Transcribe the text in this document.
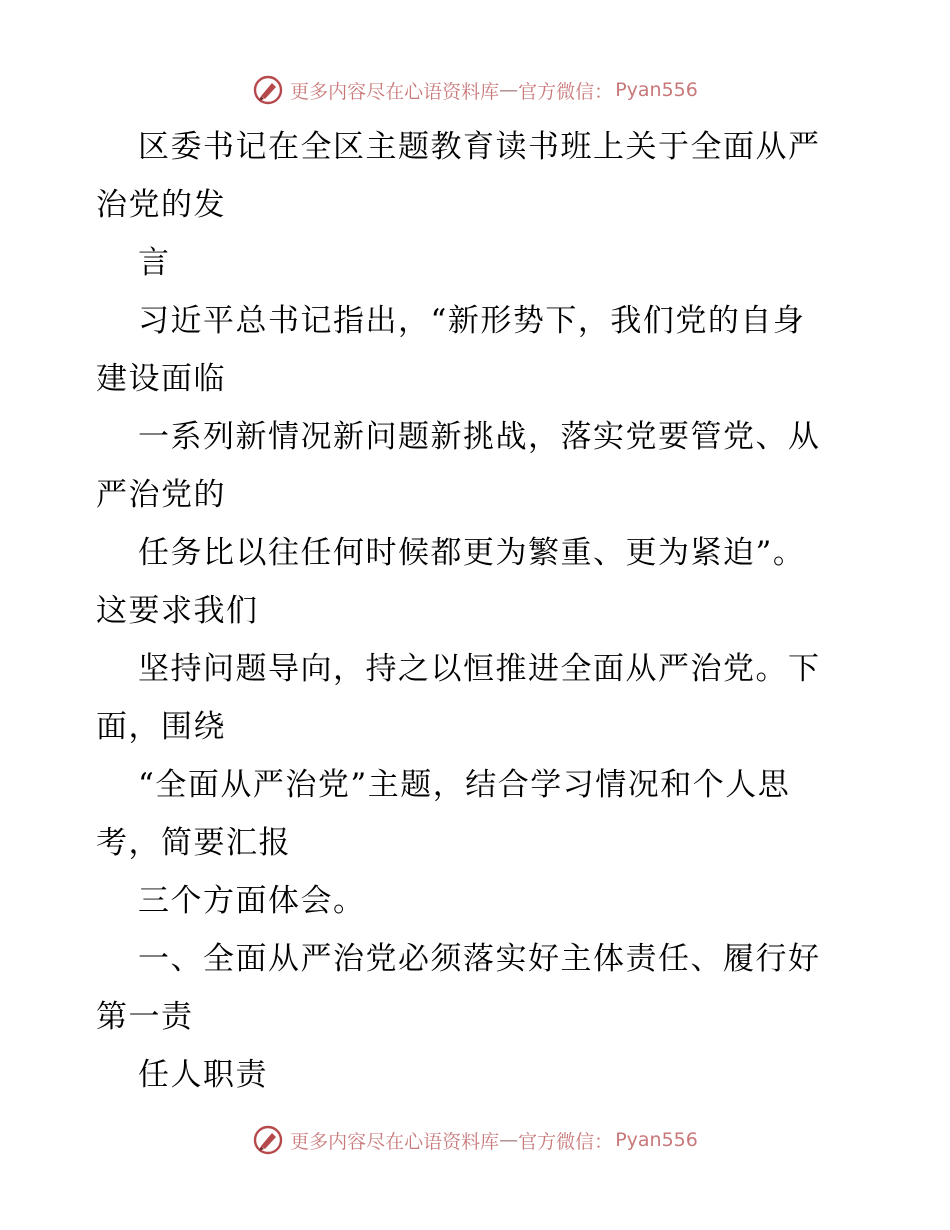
更多内容尽在心语资料库 — 官方微信： Pyan556

区委书记在全区主题教育读书班上关于全面从严
治党的发

言

习近平总书记指出，“新形势下，我们党的自身
建设面临

一系列新情况新问题新挑战，落实党要管党、从
严治党的

任务比以往任何时候都更为繁重、更为紧迫”。
这要求我们

坚持问题导向，持之以恒推进全面从严治党。下
面，围绕

“全面从严治党”主题，结合学习情况和个人思
考，简要汇报

三个方面体会。

一、全面从严治党必须落实好主体责任、履行好
第一责

任人职责

更多内容尽在心语资料库 — 官方微信： Pyan556
